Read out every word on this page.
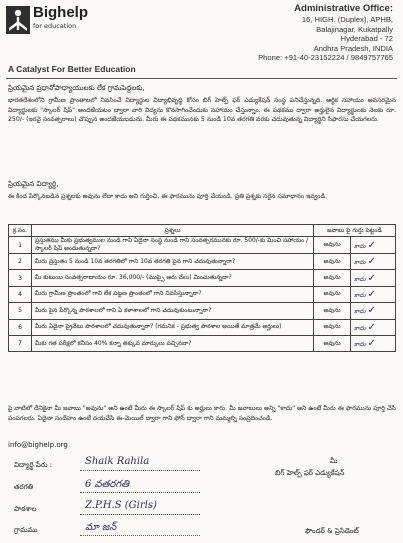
Bighelp
for education
A Catalyst For Better Education
Administrative Office:
16, HIGH. (Duplex), APHB,
Balajinagar, Kukatpally
Hyderabad - 72
Andhra Pradesh, INDIA
Phone: +91-40-23152224 / 9849757765
ప్రియమైన ప్రధానోపాధ్యాయులకు లేక గ్రామపెద్దలకు,
భారతదేశంలోని గ్రామీణ ప్రాంతాలలో నివసించే విద్యార్థుల విద్యాభివృద్ధి కోసం బిగ్ హెల్ప్ ఫర్ ఎడ్యుకేషన్ సంస్థ పనిచేస్తున్నది. ఆర్థిక సహాయం అవసరమైన విద్యార్థులకు "స్కాలర్ షిప్" అందజేయటం ద్వారా వారి విద్యను కొనసాగించేందుకు సహాయం చేస్తున్నాం. ఈ పథకము ద్వారా అర్హులైన విద్యార్థులకు నెలకు రూ. 250/- (ఇరవై సంవత్సరాలు) చొప్పున అందజేయబడును. మీరు ఈ పథకమునకు 5 నుండి 10వ తరగతి వరకు చదువుతున్న విద్యార్థిని సిఫారసు చేయగలరు.
ప్రియమైన విద్యార్థి,
ఈ కింద పేర్కొనబడిన ప్రశ్నలకు అవును లేదా కాదు అని గుర్తించి, ఈ ఫారమును పూర్తి చేయండి. ప్రతి ప్రశ్నకు సరైన సమాధానం ఇవ్వండి.
క్ర.సం.	ప్రశ్నలు	జవాబు పై గుర్తు పెట్టండి	
1	ప్రస్తుతము మీకు ప్రభుత్వముల నుండి గాని ఏదైనా సంస్థ నుండి గాని సంవత్సరమునకు రూ. 500/-కు మించి సహాయం / స్కాలర్ షిప్ అందుతున్నదా?	అవును	కాదు ✓
2	మీరు ప్రస్తుతం 5 నుండి 10వ తరగతిలో గాని 10వ తరగతి పైన గాని చదువుతున్నారా?	అవును	కాదు ✓
3	మీ కుటుంబ సంవత్సరాదాయం రూ. 36,000/- (ముప్పై ఆరు వేలు) మించుతున్నదా?	అవును	కాదు ✓
4	మీరు గ్రామీణ ప్రాంతంలో గాని లేక పట్టణ ప్రాంతంలో గాని నివసిస్తున్నారా?	అవును	కాదు ✓
5	మీరు పైన పేర్కొన్న పాఠశాలలో గాని ఏ కళాశాలలో గాని చదువుకుంటున్నారా?	అవును	కాదు ✓
6	మీరు ఏదైనా ప్రైవేటు పాఠశాలలో చదువుతున్నారా? (గమనిక - ప్రభుత్వ పాఠశాల అయితే మాత్రమే అర్హులు)	అవును	కాదు ✓
7	మీకు గత పరీక్షలో కనీసం 40% కన్నా తక్కువ మార్కులు వచ్చినవా?	అవును	కాదు ✓
పై వాటిలో దేనికైనా మీ జవాబు "అవును" అని ఉంటే మీరు ఈ స్కాలర్ షిప్ కు అర్హులు కారు. మీ జవాబులు అన్ని "కాదు" అని ఉంటే మీరు ఈ ఫారమును పూర్తి చేసి పంపగలరు. ఏదైనా సందేహం ఉంటే దయచేసి ఈ-మెయిల్ ద్వారా గాని ఫోన్ ద్వారా గాని మమ్మల్ని సంప్రదించండి.
info@bighelp.org
విద్యార్థి పేరు :	Shaik Rahila
తరగతి	6 వతరగతి
పాఠశాల	Z.P.H.S (Girls)
గ్రామము	మా జన్
మీ
బిగ్ హెల్ప్ ఫర్ ఎడ్యుకేషన్
ఫౌండర్ & ప్రెసిడెంట్
